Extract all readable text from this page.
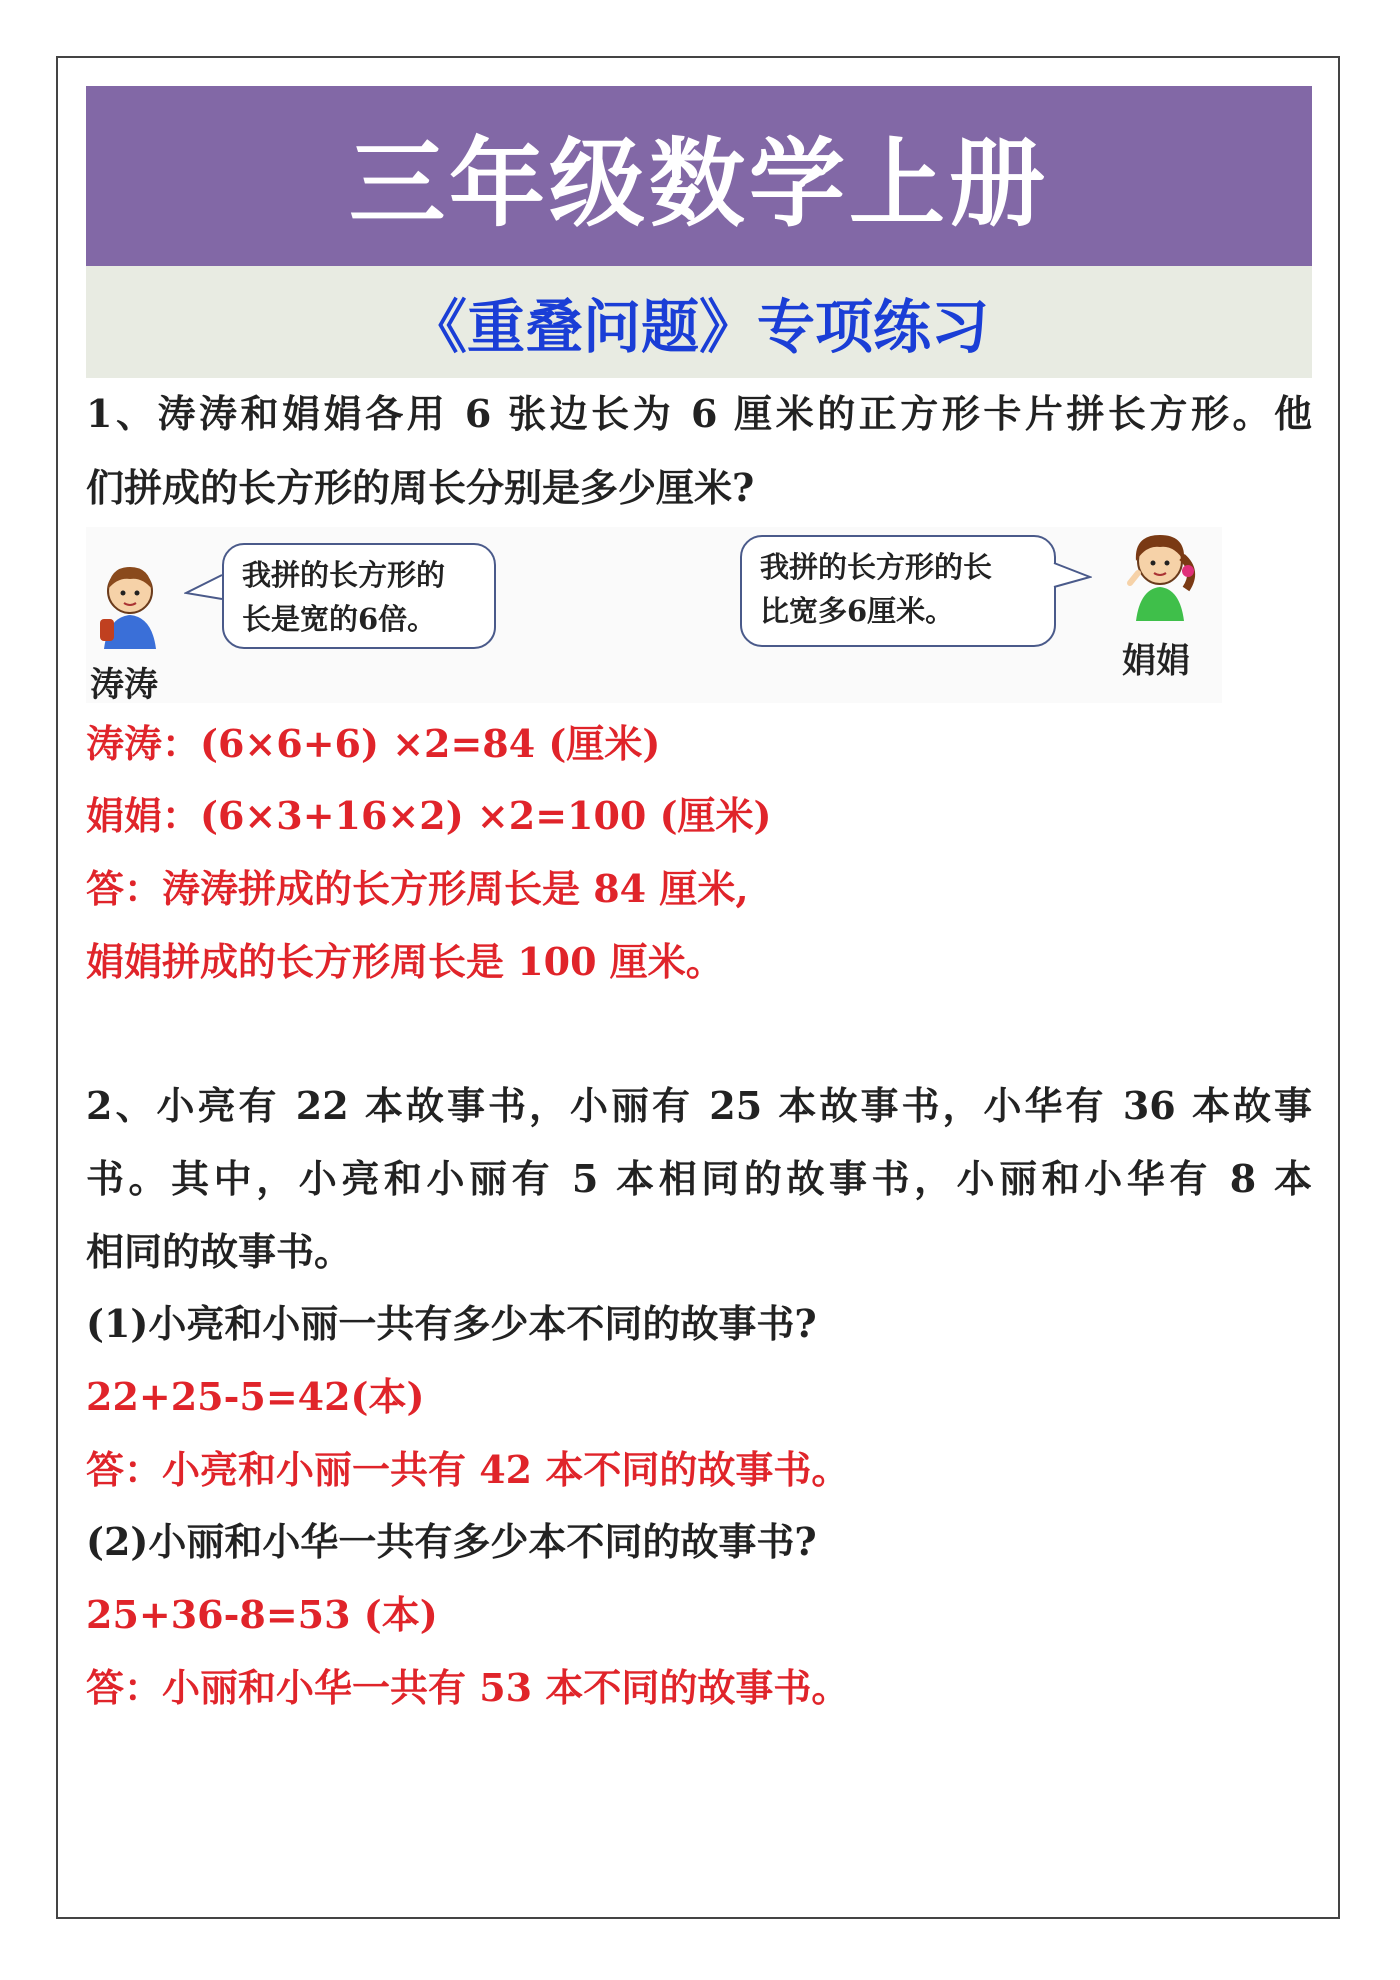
三年级数学上册
《重叠问题》专项练习
1、涛涛和娟娟各用 6 张边长为 6 厘米的正方形卡片拼长方形。他
们拼成的长方形的周长分别是多少厘米?
涛涛
我拼的长方形的
长是宽的6倍。
我拼的长方形的长
比宽多6厘米。
娟娟
涛涛：(6×6+6) ×2=84 (厘米)
娟娟：(6×3+16×2) ×2=100 (厘米)
答：涛涛拼成的长方形周长是 84 厘米,
娟娟拼成的长方形周长是 100 厘米。
2、小亮有 22 本故事书，小丽有 25 本故事书，小华有 36 本故事
书。其中，小亮和小丽有 5 本相同的故事书，小丽和小华有 8 本
相同的故事书。
(1)小亮和小丽一共有多少本不同的故事书?
22+25-5=42(本)
答：小亮和小丽一共有 42 本不同的故事书。
(2)小丽和小华一共有多少本不同的故事书?
25+36-8=53 (本)
答：小丽和小华一共有 53 本不同的故事书。
